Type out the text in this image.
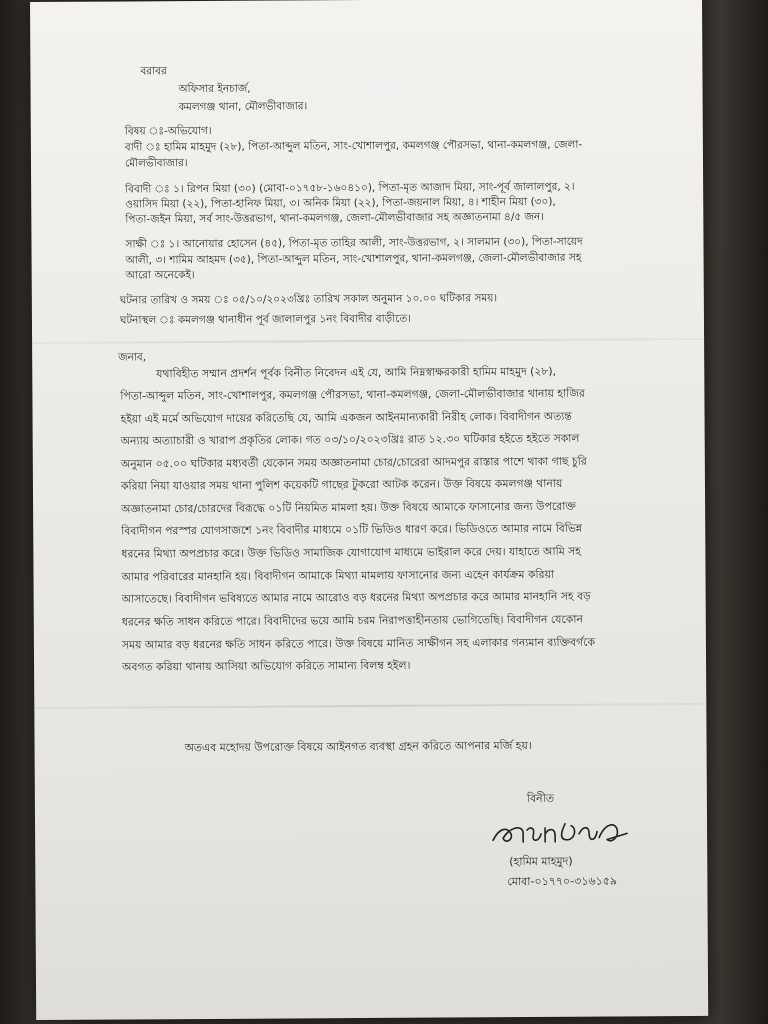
বরাবর
অফিসার ইনচার্জ,
কমলগঞ্জ থানা, মৌলভীবাজার।
বিষয় ঃ-অভিযোগ।
বাদী ঃ হামিম মাহমুদ (২৮), পিতা-আব্দুল মতিন, সাং-খোশালপুর, কমলগঞ্জ পৌরসভা, থানা-কমলগঞ্জ, জেলা-
মৌলভীবাজার।
বিবাদী ঃ ১। রিপন মিয়া (৩০) (মোবা-০১৭৫৮-১৬০৪১০), পিতা-মৃত আজাদ মিয়া, সাং-পূর্ব জালালপুর, ২।
ওয়াসিদ মিয়া (২২), পিতা-হানিফ মিয়া, ৩। অনিক মিয়া (২২), পিতা-জয়নাল মিয়া, ৪। শাহীন মিয়া (৩০),
পিতা-জইন মিয়া, সর্ব সাং-উত্তরভাগ, থানা-কমলগঞ্জ, জেলা-মৌলভীবাজার সহ অজ্ঞাতনামা ৪/৫ জন।
সাক্ষী ঃ ১। আনোয়ার হোসেন (৪৫), পিতা-মৃত তাহির আলী, সাং-উত্তরভাগ, ২। সালমান (৩০), পিতা-সায়েদ
আলী, ৩। শামিম আহমদ (৩৫), পিতা-আব্দুল মতিন, সাং-খোশালপুর, থানা-কমলগঞ্জ, জেলা-মৌলভীবাজার সহ
আরো অনেকেই।
ঘটনার তারিখ ও সময় ঃ ০৫/১০/২০২৩খ্রিঃ তারিখ সকাল অনুমান ১০.০০ ঘটিকার সময়।
ঘটনাস্থল ঃ কমলগঞ্জ থানাধীন পূর্ব জালালপুর ১নং বিবাদীর বাড়ীতে।
জনাব,
যথাবিহীত সম্মান প্রদর্শন পূর্বক বিনীত নিবেদন এই যে, আমি নিম্নস্বাক্ষরকারী হামিম মাহমুদ (২৮),
পিতা-আব্দুল মতিন, সাং-খোশালপুর, কমলগঞ্জ পৌরসভা, থানা-কমলগঞ্জ, জেলা-মৌলভীবাজার থানায় হাজির
হইয়া এই মর্মে অভিযোগ দায়ের করিতেছি যে, আমি একজন আইনমান্যকারী নিরীহ লোক। বিবাদীগন অত্যন্ত
অন্যায় অত্যাচারী ও খারাপ প্রকৃতির লোক। গত ০৩/১০/২০২৩খ্রিঃ রাত ১২.৩০ ঘটিকার হইতে হইতে সকাল
অনুমান ০৫.০০ ঘটিকার মধ্যবর্তী যেকোন সময় অজ্ঞাতনামা চোর/চোরেরা আদমপুর রাস্তার পাশে থাকা গাছ চুরি
করিয়া নিয়া যাওয়ার সময় থানা পুলিশ কয়েকটি গাছের টুকরো আটক করেন। উক্ত বিষয়ে কমলগঞ্জ থানায়
অজ্ঞাতনামা চোর/চোরদের বিরূদ্ধে ০১টি নিয়মিত মামলা হয়। উক্ত বিষয়ে আমাকে ফাসানোর জন্য উপরোক্ত
বিবাদীগন পরস্পর যোগসাজশে ১নং বিবাদীর মাধ্যমে ০১টি ভিডিও ধারণ করে। ভিডিওতে আমার নামে বিভিন্ন
ধরনের মিথ্যা অপপ্রচার করে। উক্ত ভিডিও সামাজিক যোগাযোগ মাধ্যমে ভাইরাল করে দেয়। যাহাতে আমি সহ
আমার পরিবারের মানহানি হয়। বিবাদীগন আমাকে মিথ্যা মামলায় ফাসানোর জন্য এহেন কার্যক্রম করিয়া
আসাতেছে। বিবাদীগন ভবিষ্যতে আমার নামে আরোও বড় ধরনের মিথ্যা অপপ্রচার করে আমার মানহানি সহ বড়
ধরনের ক্ষতি সাধন করিতে পারে। বিবাদীদের ভয়ে আমি চরম নিরাপত্তাহীনতায় ভোগিতেছি। বিবাদীগন যেকোন
সময় আমার বড় ধরনের ক্ষতি সাধন করিতে পারে। উক্ত বিষয়ে মানিত সাক্ষীগন সহ এলাকার গন্যমান ব্যক্তিবর্গকে
অবগত করিয়া থানায় আসিয়া অভিযোগ করিতে সামান্য বিলম্ব হইল।
অতএব মহোদয় উপরোক্ত বিষয়ে আইনগত ব্যবস্থা গ্রহন করিতে আপনার মর্জি হয়।
বিনীত
(হামিম মাহমুদ)
মোবা-০১৭৭০-৩১৬১৫৯
